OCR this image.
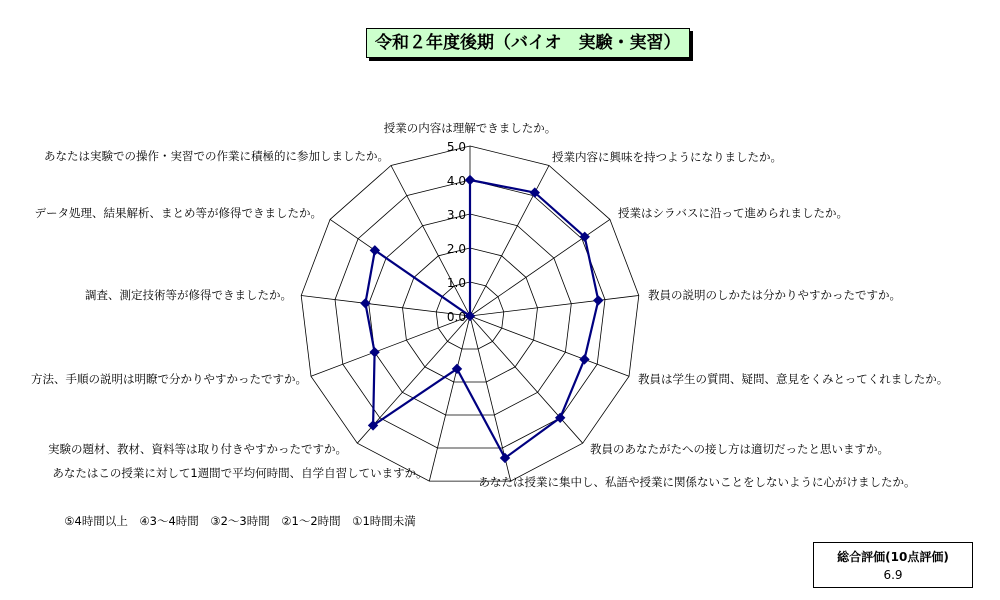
令和２年度後期（バイオ　実験・実習）
0.0
1.0
2.0
3.0
4.0
5.0
授業の内容は理解できましたか。
授業内容に興味を持つようになりましたか。
授業はシラバスに沿って進められましたか。
教員の説明のしかたは分かりやすかったですか。
教員は学生の質問、疑問、意見をくみとってくれましたか。
教員のあなたがたへの接し方は適切だったと思いますか。
あなたは授業に集中し、私語や授業に関係ないことをしないように心がけましたか。
あなたはこの授業に対して1週間で平均何時間、自学自習していますか。
実験の題材、教材、資料等は取り付きやすかったですか。
方法、手順の説明は明瞭で分かりやすかったですか。
調査、測定技術等が修得できましたか。
データ処理、結果解析、まとめ等が修得できましたか。
あなたは実験での操作・実習での作業に積極的に参加しましたか。
⑤4時間以上　④3～4時間　③2～3時間　②1～2時間　①1時間未満
総合評価(10点評価)
6.9
